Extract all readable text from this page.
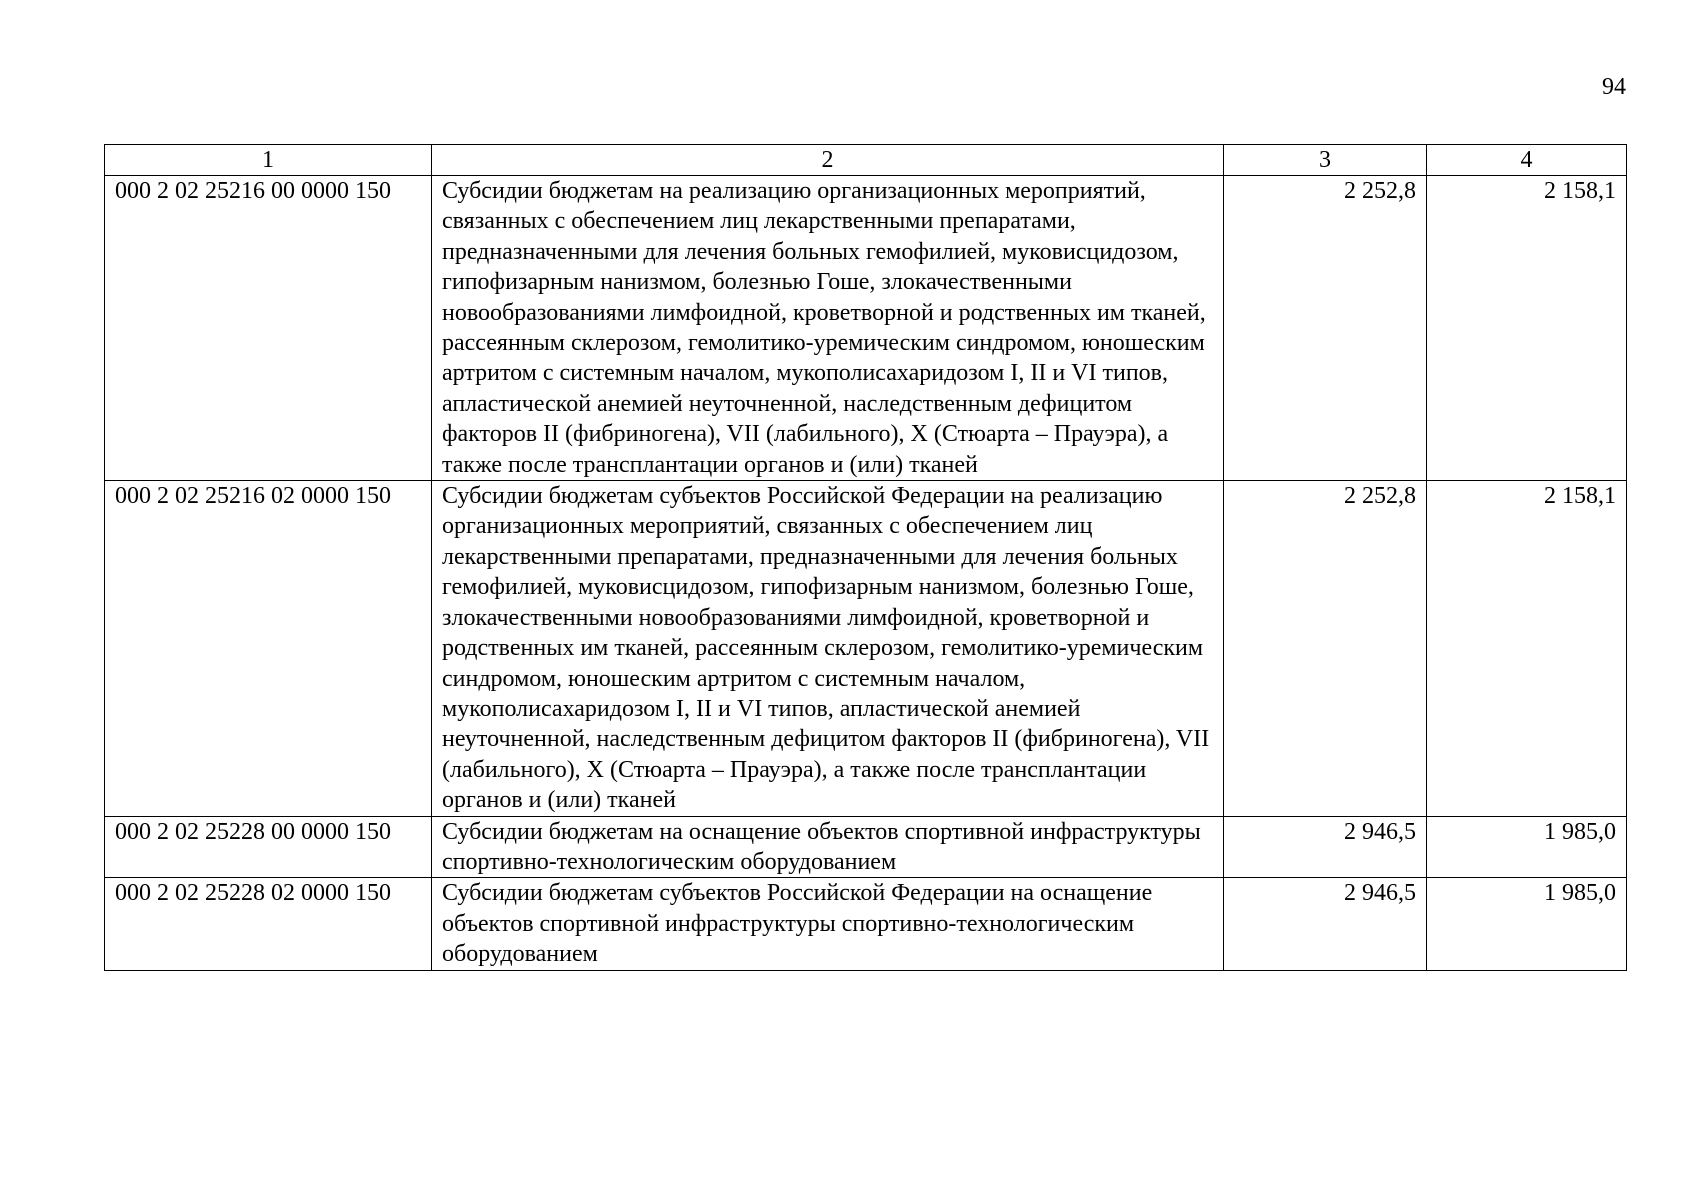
94
1	2	3	4
000 2 02 25216 00 0000 150	Субсидии бюджетам на реализацию организационных мероприятий, связанных с обеспечением лиц лекарственными препаратами, предназначенными для лечения больных гемофилией, муковисцидозом, гипофизарным нанизмом, болезнью Гоше, злокачественными новообразованиями лимфоидной, кроветворной и родственных им тканей, рассеянным склерозом, гемолитико-уремическим синдромом, юношеским артритом с системным началом, мукополисахаридозом I, II и VI типов, апластической анемией неуточненной, наследственным дефицитом факторов II (фибриногена), VII (лабильного), X (Стюарта – Прауэра), а также после трансплантации органов и (или) тканей	2 252,8	2 158,1
000 2 02 25216 02 0000 150	Субсидии бюджетам субъектов Российской Федерации на реализацию организационных мероприятий, связанных с обеспечением лиц лекарственными препаратами, предназначенными для лечения больных гемофилией, муковисцидозом, гипофизарным нанизмом, болезнью Гоше, злокачественными новообразованиями лимфоидной, кроветворной и родственных им тканей, рассеянным склерозом, гемолитико-уремическим синдромом, юношеским артритом с системным началом, мукополисахаридозом I, II и VI типов, апластической анемией неуточненной, наследственным дефицитом факторов II (фибриногена), VII (лабильного), X (Стюарта – Прауэра), а также после трансплантации органов и (или) тканей	2 252,8	2 158,1
000 2 02 25228 00 0000 150	Субсидии бюджетам на оснащение объектов спортивной инфраструктуры спортивно-технологическим оборудованием	2 946,5	1 985,0
000 2 02 25228 02 0000 150	Субсидии бюджетам субъектов Российской Федерации на оснащение объектов спортивной инфраструктуры спортивно-технологическим оборудованием	2 946,5	1 985,0
